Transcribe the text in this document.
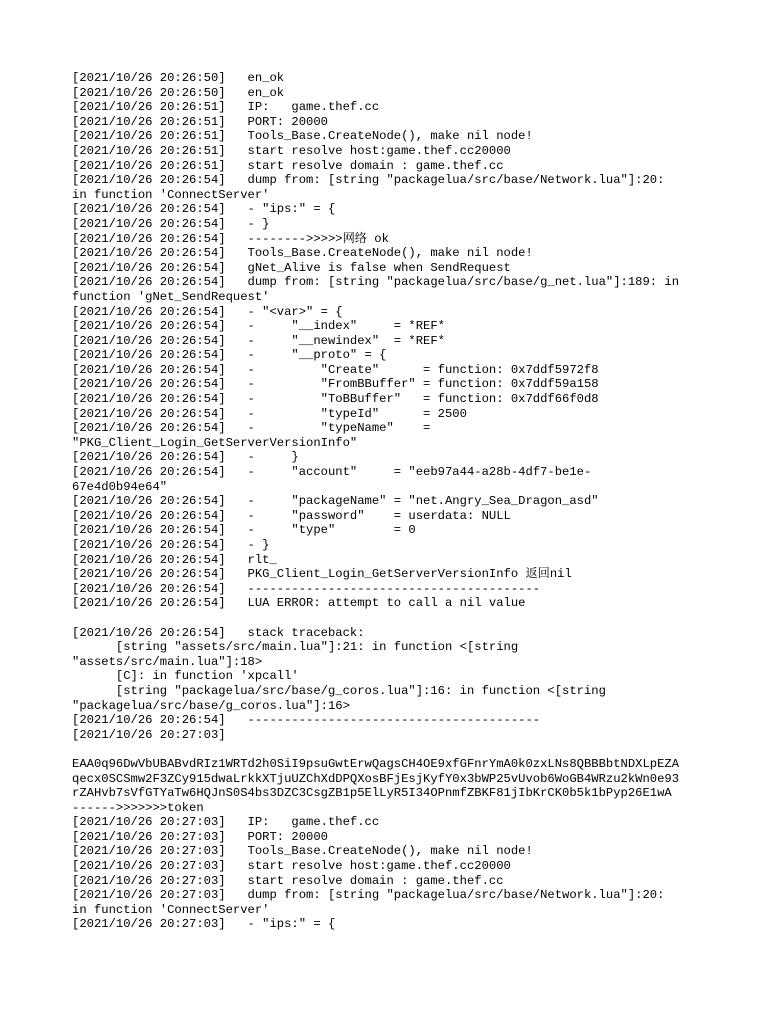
[2021/10/26 20:26:50]   en_ok
[2021/10/26 20:26:50]   en_ok
[2021/10/26 20:26:51]   IP:   game.thef.cc
[2021/10/26 20:26:51]   PORT: 20000
[2021/10/26 20:26:51]   Tools_Base.CreateNode(), make nil node!
[2021/10/26 20:26:51]   start resolve host:game.thef.cc20000
[2021/10/26 20:26:51]   start resolve domain : game.thef.cc
[2021/10/26 20:26:54]   dump from: [string "packagelua/src/base/Network.lua"]:20:
in function 'ConnectServer'
[2021/10/26 20:26:54]   - "ips:" = {
[2021/10/26 20:26:54]   - }
[2021/10/26 20:26:54]   -------->>>>>网络 ok
[2021/10/26 20:26:54]   Tools_Base.CreateNode(), make nil node!
[2021/10/26 20:26:54]   gNet_Alive is false when SendRequest
[2021/10/26 20:26:54]   dump from: [string "packagelua/src/base/g_net.lua"]:189: in
function 'gNet_SendRequest'
[2021/10/26 20:26:54]   - "<var>" = {
[2021/10/26 20:26:54]   -     "__index"     = *REF*
[2021/10/26 20:26:54]   -     "__newindex"  = *REF*
[2021/10/26 20:26:54]   -     "__proto" = {
[2021/10/26 20:26:54]   -         "Create"      = function: 0x7ddf5972f8
[2021/10/26 20:26:54]   -         "FromBBuffer" = function: 0x7ddf59a158
[2021/10/26 20:26:54]   -         "ToBBuffer"   = function: 0x7ddf66f0d8
[2021/10/26 20:26:54]   -         "typeId"      = 2500
[2021/10/26 20:26:54]   -         "typeName"    =
"PKG_Client_Login_GetServerVersionInfo"
[2021/10/26 20:26:54]   -     }
[2021/10/26 20:26:54]   -     "account"     = "eeb97a44-a28b-4df7-be1e-
67e4d0b94e64"
[2021/10/26 20:26:54]   -     "packageName" = "net.Angry_Sea_Dragon_asd"
[2021/10/26 20:26:54]   -     "password"    = userdata: NULL
[2021/10/26 20:26:54]   -     "type"        = 0
[2021/10/26 20:26:54]   - }
[2021/10/26 20:26:54]   rlt_
[2021/10/26 20:26:54]   PKG_Client_Login_GetServerVersionInfo 返回nil
[2021/10/26 20:26:54]   ----------------------------------------
[2021/10/26 20:26:54]   LUA ERROR: attempt to call a nil value
[2021/10/26 20:26:54]   stack traceback:
[string "assets/src/main.lua"]:21: in function <[string
"assets/src/main.lua"]:18>
[C]: in function 'xpcall'
[string "packagelua/src/base/g_coros.lua"]:16: in function <[string
"packagelua/src/base/g_coros.lua"]:16>
[2021/10/26 20:26:54]   ----------------------------------------
[2021/10/26 20:27:03]
EAA0q96DwVbUBABvdRIz1WRTd2h0SiI9psuGwtErwQagsCH4OE9xfGFnrYmA0k0zxLNs8QBBBbtNDXLpEZA
qecx0SCSmw2F3ZCy915dwaLrkkXTjuUZChXdDPQXosBFjEsjKyfY0x3bWP25vUvob6WoGB4WRzu2kWn0e93
rZAHvb7sVfGTYaTw6HQJnS0S4bs3DZC3CsgZB1p5ElLyR5I34OPnmfZBKF81jIbKrCK0b5k1bPyp26E1wA
------>>>>>>>token
[2021/10/26 20:27:03]   IP:   game.thef.cc
[2021/10/26 20:27:03]   PORT: 20000
[2021/10/26 20:27:03]   Tools_Base.CreateNode(), make nil node!
[2021/10/26 20:27:03]   start resolve host:game.thef.cc20000
[2021/10/26 20:27:03]   start resolve domain : game.thef.cc
[2021/10/26 20:27:03]   dump from: [string "packagelua/src/base/Network.lua"]:20:
in function 'ConnectServer'
[2021/10/26 20:27:03]   - "ips:" = {
